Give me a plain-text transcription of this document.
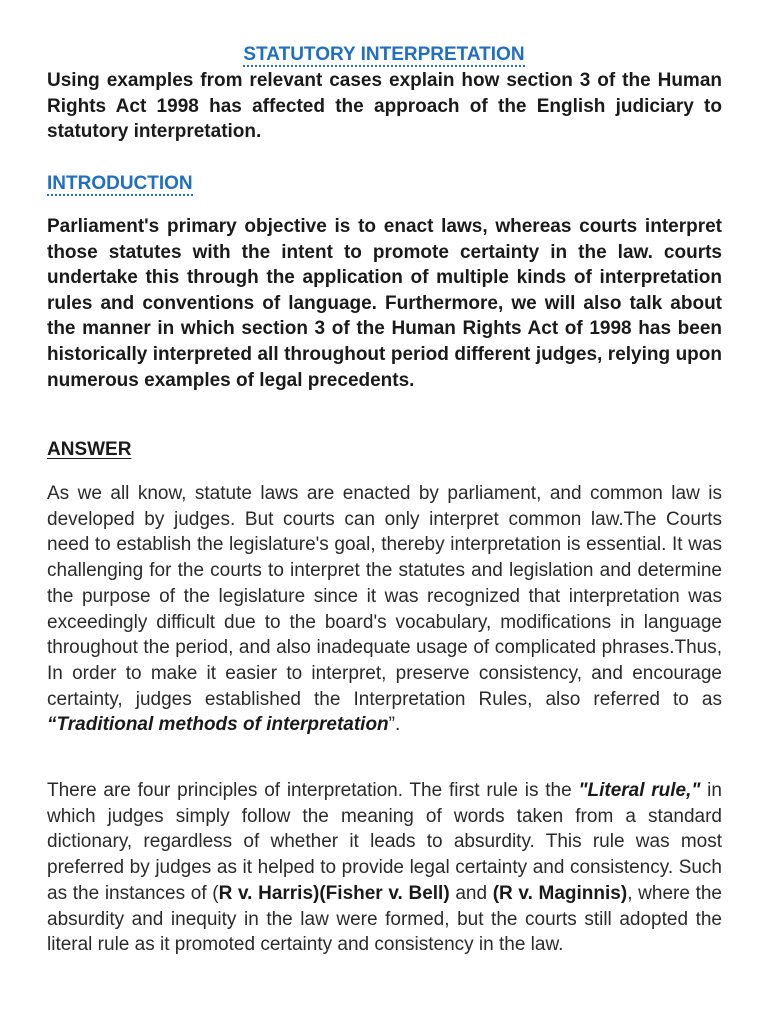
STATUTORY INTERPRETATION

Using examples from relevant cases explain how section 3 of the Human Rights Act 1998 has affected the approach of the English judiciary to statutory interpretation.

INTRODUCTION

Parliament's primary objective is to enact laws, whereas courts interpret those statutes with the intent to promote certainty in the law. courts undertake this through the application of multiple kinds of interpretation rules and conventions of language. Furthermore, we will also talk about the manner in which section 3 of the Human Rights Act of 1998 has been historically interpreted all throughout period different judges, relying upon numerous examples of legal precedents.

ANSWER

As we all know, statute laws are enacted by parliament, and common law is developed by judges. But courts can only interpret common law.The Courts need to establish the legislature's goal, thereby interpretation is essential. It was challenging for the courts to interpret the statutes and legislation and determine the purpose of the legislature since it was recognized that interpretation was exceedingly difficult due to the board's vocabulary, modifications in language throughout the period, and also inadequate usage of complicated phrases.Thus, In order to make it easier to interpret, preserve consistency, and encourage certainty, judges established the Interpretation Rules, also referred to as “Traditional methods of interpretation”.

There are four principles of interpretation. The first rule is the "Literal rule," in which judges simply follow the meaning of words taken from a standard dictionary, regardless of whether it leads to absurdity. This rule was most preferred by judges as it helped to provide legal certainty and consistency. Such as the instances of (R v. Harris)(Fisher v. Bell) and (R v. Maginnis), where the absurdity and inequity in the law were formed, but the courts still adopted the literal rule as it promoted certainty and consistency in the law.
